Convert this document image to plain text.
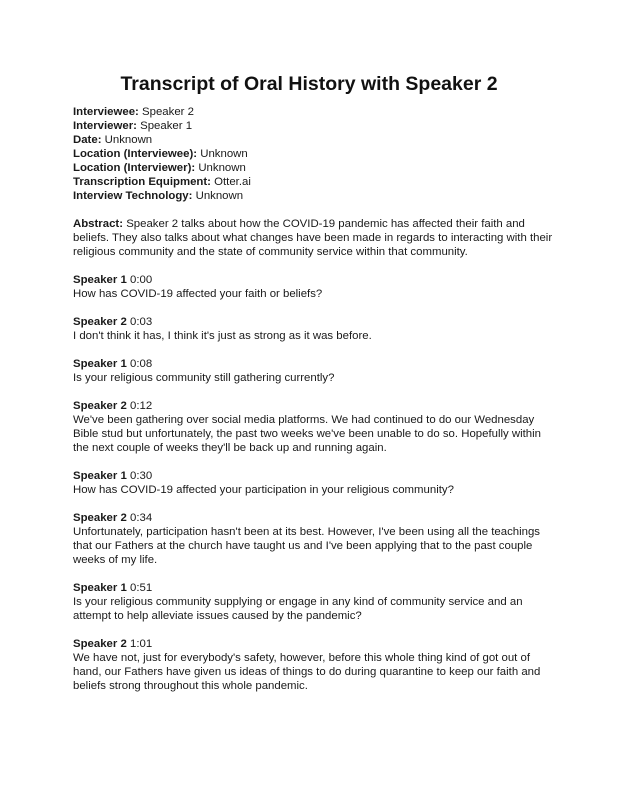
Transcript of Oral History with Speaker 2
Interviewee: Speaker 2
Interviewer: Speaker 1
Date: Unknown
Location (Interviewee): Unknown
Location (Interviewer): Unknown
Transcription Equipment: Otter.ai
Interview Technology: Unknown
Abstract: Speaker 2 talks about how the COVID-19 pandemic has affected their faith and beliefs. They also talks about what changes have been made in regards to interacting with their religious community and the state of community service within that community.
Speaker 1 0:00
How has COVID-19 affected your faith or beliefs?
Speaker 2 0:03
I don't think it has, I think it's just as strong as it was before.
Speaker 1 0:08
Is your religious community still gathering currently?
Speaker 2 0:12
We've been gathering over social media platforms. We had continued to do our Wednesday Bible stud but unfortunately, the past two weeks we've been unable to do so. Hopefully within the next couple of weeks they'll be back up and running again.
Speaker 1 0:30
How has COVID-19 affected your participation in your religious community?
Speaker 2 0:34
Unfortunately, participation hasn't been at its best. However, I've been using all the teachings that our Fathers at the church have taught us and I've been applying that to the past couple weeks of my life.
Speaker 1 0:51
Is your religious community supplying or engage in any kind of community service and an attempt to help alleviate issues caused by the pandemic?
Speaker 2 1:01
We have not, just for everybody's safety, however, before this whole thing kind of got out of hand, our Fathers have given us ideas of things to do during quarantine to keep our faith and beliefs strong throughout this whole pandemic.
